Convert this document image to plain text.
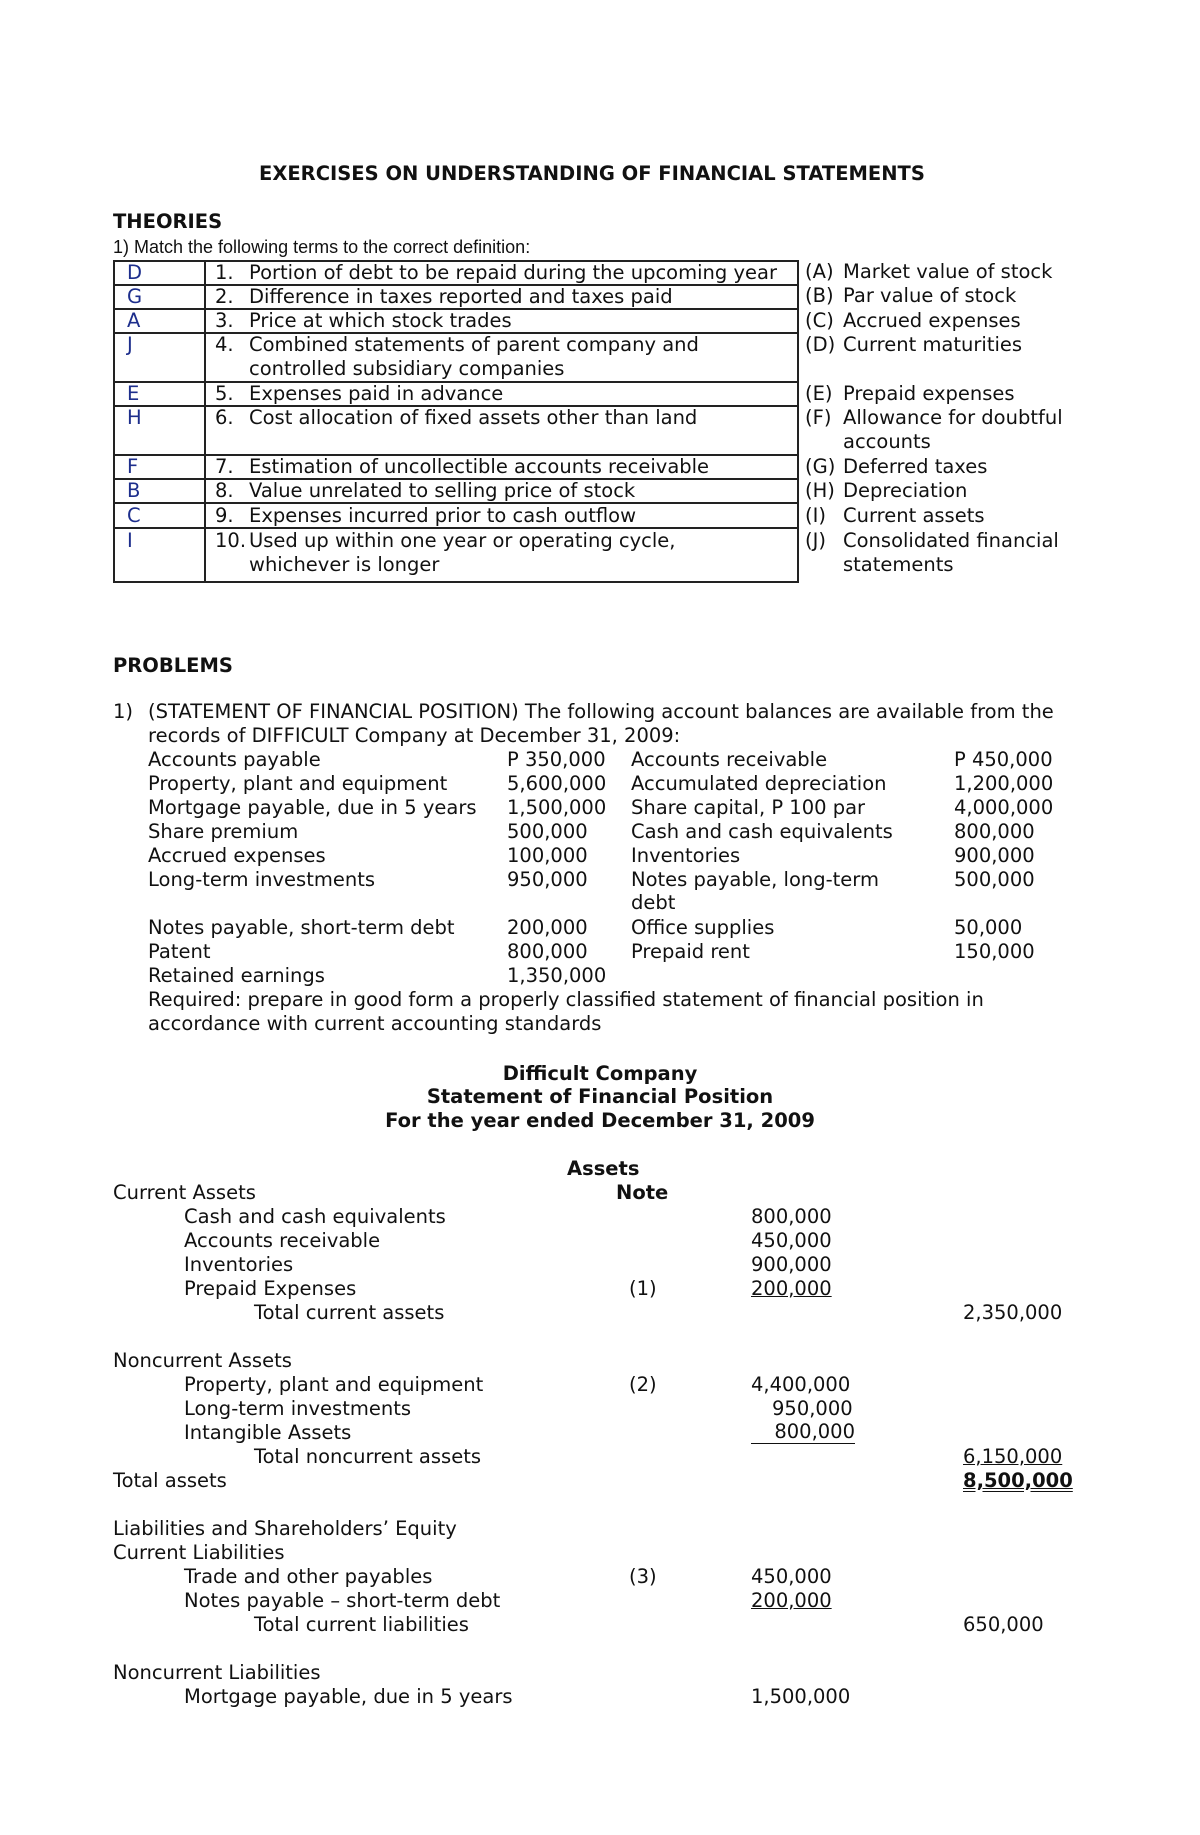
EXERCISES ON UNDERSTANDING OF FINANCIAL STATEMENTS
THEORIES
1) Match the following terms to the correct definition:
D	1. Portion of debt to be repaid during the upcoming year
G	2. Difference in taxes reported and taxes paid
A	3. Price at which stock trades
J	4. Combined statements of parent company and
controlled subsidiary companies
E	5. Expenses paid in advance
H	6. Cost allocation of fixed assets other than land
F	7. Estimation of uncollectible accounts receivable
B	8. Value unrelated to selling price of stock
C	9. Expenses incurred prior to cash outflow
I	10. Used up within one year or operating cycle,
whichever is longer
(A) Market value of stock
(B) Par value of stock
(C) Accrued expenses
(D) Current maturities
(E) Prepaid expenses
(F) Allowance for doubtful
accounts
(G) Deferred taxes
(H) Depreciation
(I) Current assets
(J) Consolidated financial
statements
PROBLEMS
1) (STATEMENT OF FINANCIAL POSITION) The following account balances are available from the
records of DIFFICULT Company at December 31, 2009:
Accounts payable	P 350,000 Accounts receivable	P 450,000
Property, plant and equipment	5,600,000 Accumulated depreciation	1,200,000
Mortgage payable, due in 5 years 1,500,000 Share capital, P 100 par	4,000,000
Share premium	500,000 Cash and cash equivalents	800,000
Accrued expenses	100,000 Inventories	900,000
Long-term investments	950,000 Notes payable, long-term	500,000
debt
Notes payable, short-term debt	200,000 Office supplies	50,000
Patent	800,000 Prepaid rent	150,000
Retained earnings	1,350,000
Required: prepare in good form a properly classified statement of financial position in
accordance with current accounting standards
Difficult Company
Statement of Financial Position
For the year ended December 31, 2009
Assets
Note
Current Assets
Cash and cash equivalents	800,000
Accounts receivable	450,000
Inventories	900,000
Prepaid Expenses	(1)	200,000
Total current assets	2,350,000
Noncurrent Assets
Property, plant and equipment	(2)	4,400,000
Long-term investments	950,000
Intangible Assets	800,000
Total noncurrent assets	6,150,000
Total assets	8,500,000
Liabilities and Shareholders’ Equity
Current Liabilities
Trade and other payables	(3)	450,000
Notes payable – short-term debt	200,000
Total current liabilities	650,000
Noncurrent Liabilities
Mortgage payable, due in 5 years	1,500,000
